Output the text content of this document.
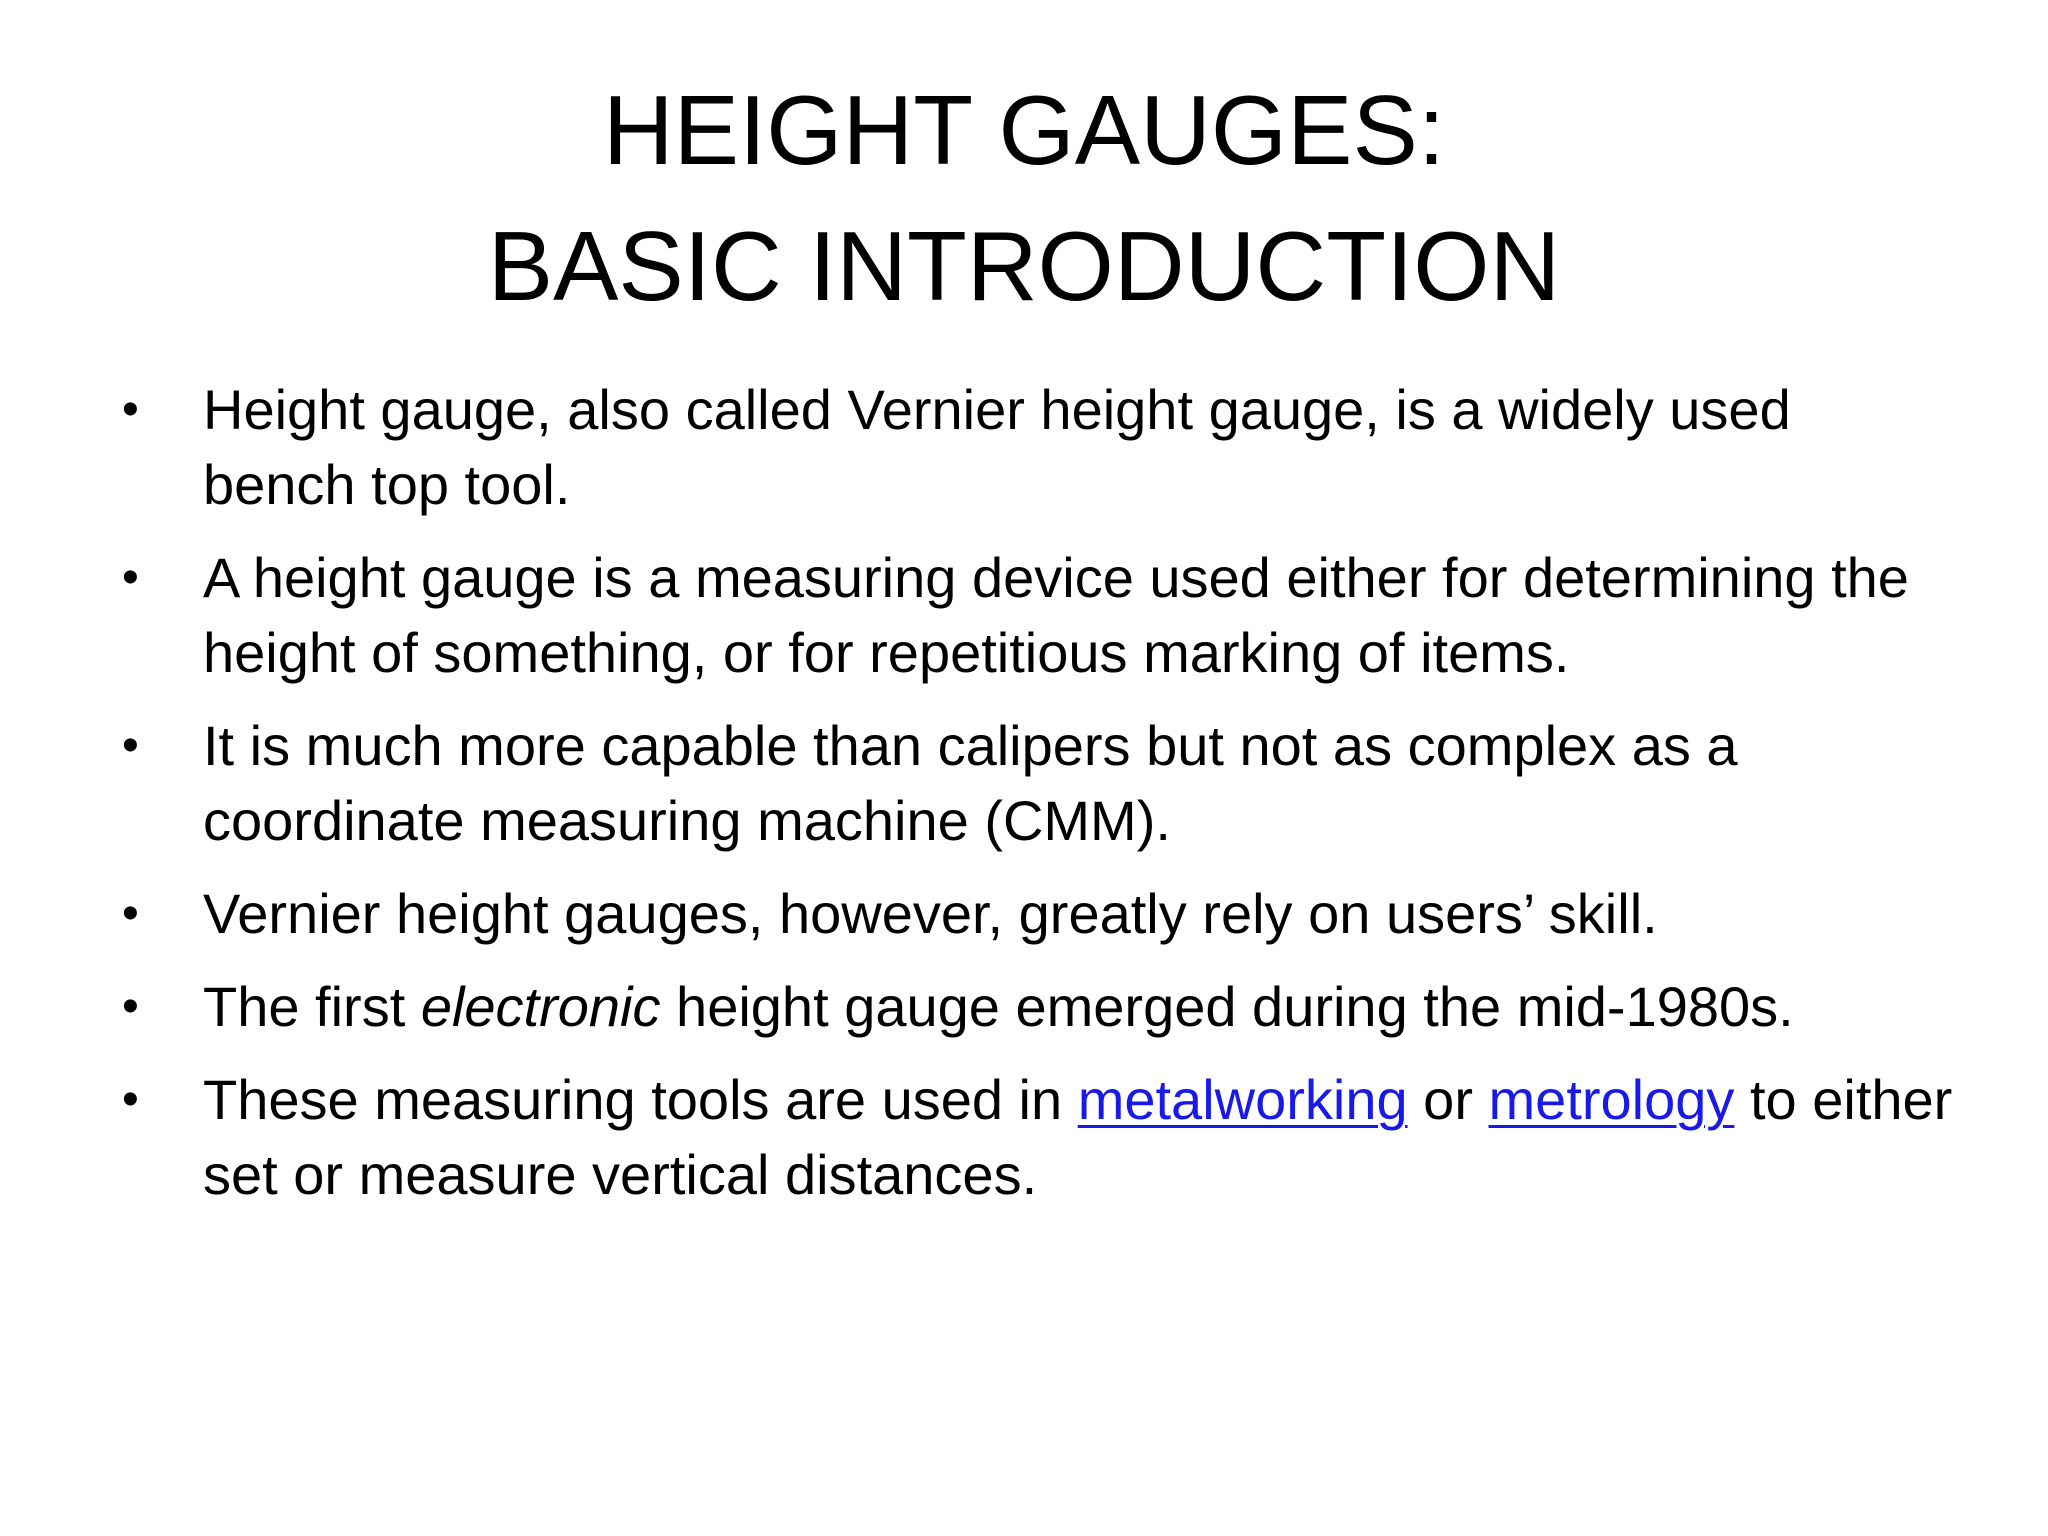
HEIGHT GAUGES:
BASIC INTRODUCTION
• Height gauge, also called Vernier height gauge, is a widely used bench top tool.
• A height gauge is a measuring device used either for determining the height of something, or for repetitious marking of items.
• It is much more capable than calipers but not as complex as a coordinate measuring machine (CMM).
• Vernier height gauges, however, greatly rely on users’ skill.
• The first electronic height gauge emerged during the mid-1980s.
• These measuring tools are used in metalworking or metrology to either set or measure vertical distances.
